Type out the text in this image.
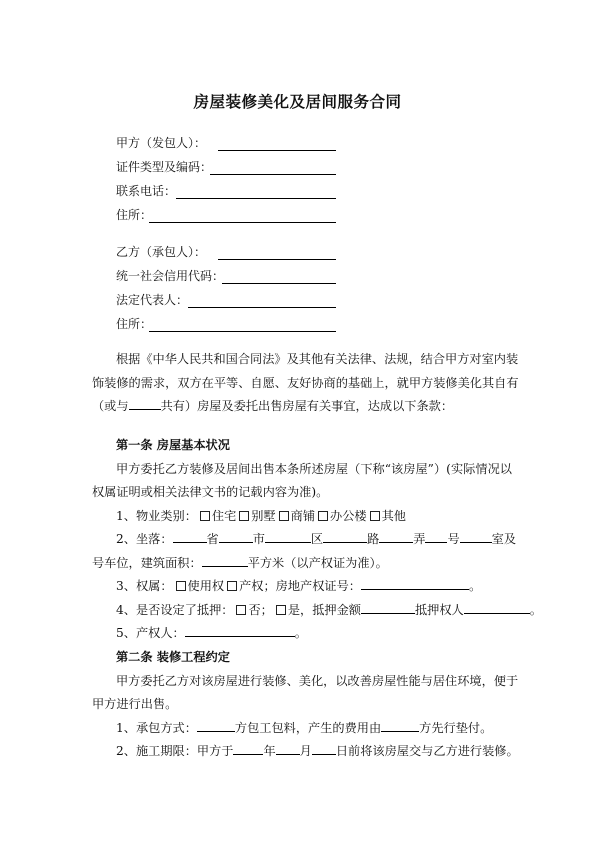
房屋装修美化及居间服务合同
甲方（发包人）：
证件类型及编码：
联系电话：
住所：
乙方（承包人）：
统一社会信用代码：
法定代表人：
住所：
根据《中华人民共和国合同法》及其他有关法律、法规，结合甲方对室内装
饰装修的需求，双方在平等、自愿、友好协商的基础上，就甲方装修美化其自有
（或与	共有）房屋及委托出售房屋有关事宜，达成以下条款：
第一条 房屋基本状况
甲方委托乙方装修及居间出售本条所述房屋（下称“该房屋”）(实际情况以
权属证明或相关法律文书的记载内容为准)。
1、物业类别： 住宅 别墅 商铺 办公楼 其他
2、坐落：	省	市	区	路	弄 号	室及
号车位，建筑面积：	平方米（以产权证为准）。
3、权属： 使用权 产权；房地产权证号：	。
4、是否设定了抵押： 否； 是，抵押金额	抵押权人	。
5、产权人：	。
第二条 装修工程约定
甲方委托乙方对该房屋进行装修、美化，以改善房屋性能与居住环境，便于
甲方进行出售。
1、承包方式：	方包工包料，产生的费用由	方先行垫付。
2、施工期限：甲方于 年 月 日前将该房屋交与乙方进行装修。
